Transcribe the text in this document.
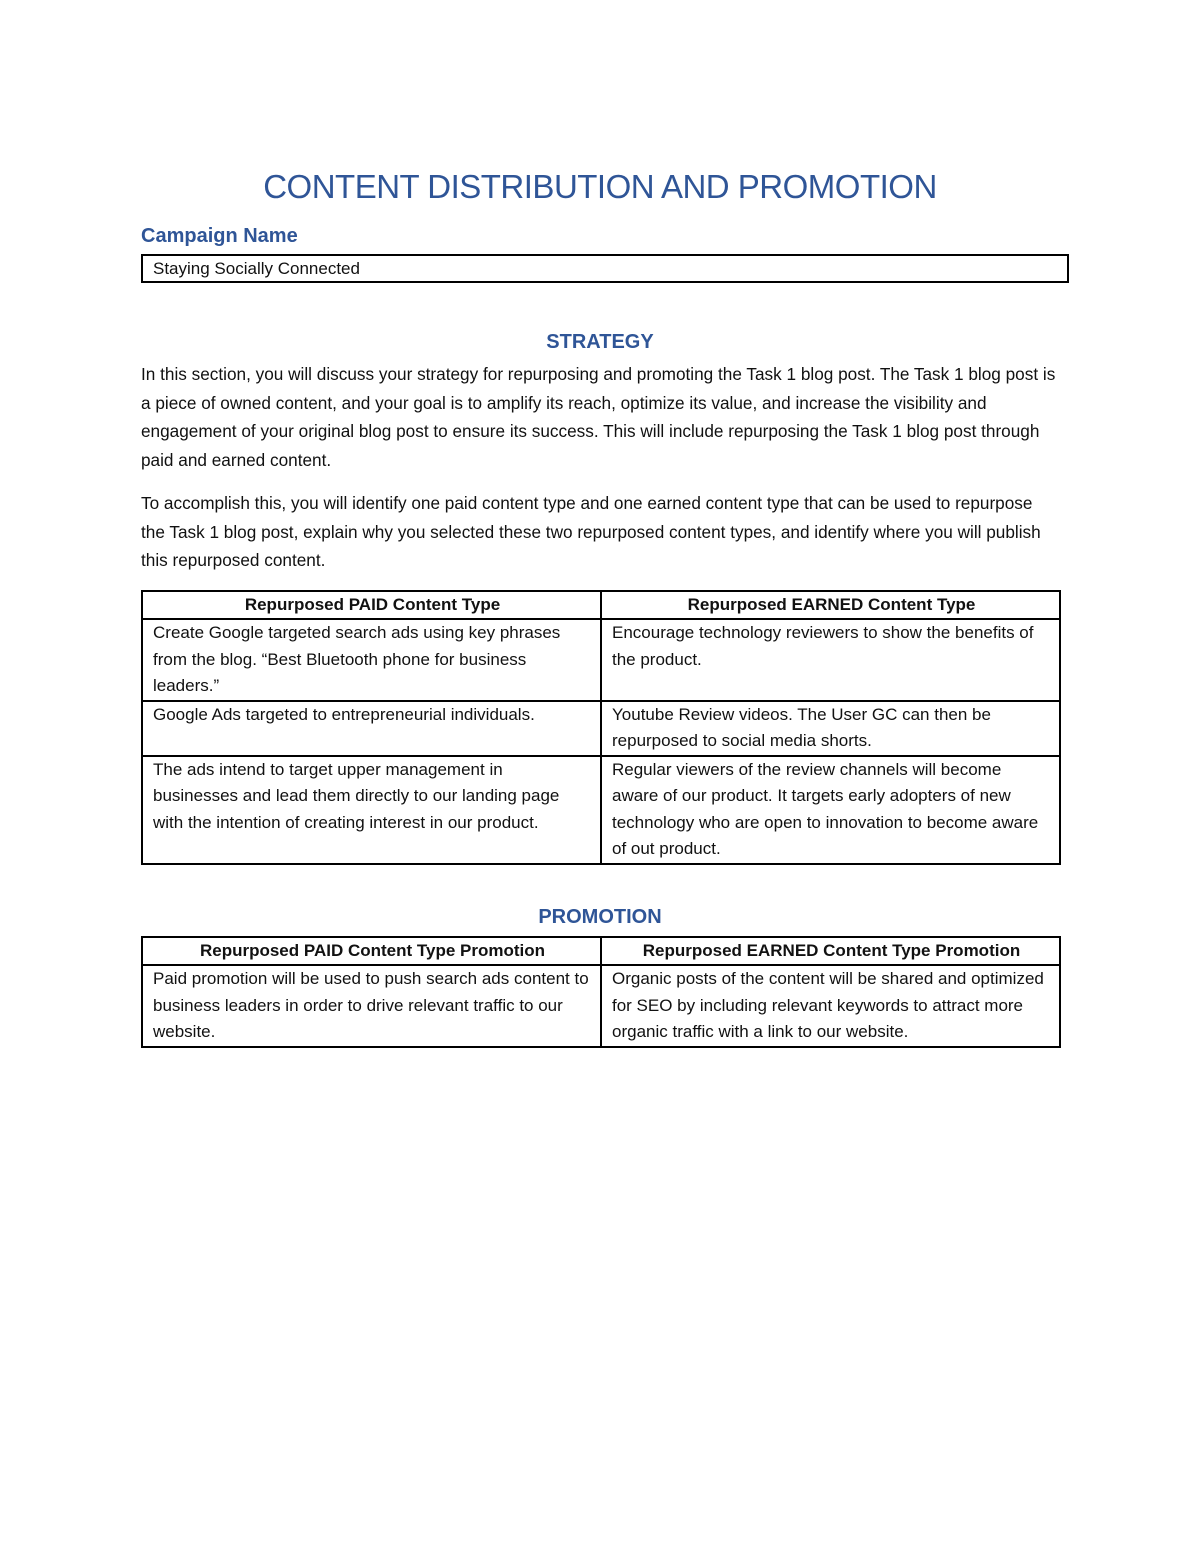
CONTENT DISTRIBUTION AND PROMOTION
Campaign Name
Staying Socially Connected
STRATEGY
In this section, you will discuss your strategy for repurposing and promoting the Task 1 blog post. The Task 1 blog post is a piece of owned content, and your goal is to amplify its reach, optimize its value, and increase the visibility and engagement of your original blog post to ensure its success. This will include repurposing the Task 1 blog post through paid and earned content.
To accomplish this, you will identify one paid content type and one earned content type that can be used to repurpose the Task 1 blog post, explain why you selected these two repurposed content types, and identify where you will publish this repurposed content.
Repurposed PAID Content Type	Repurposed EARNED Content Type
Create Google targeted search ads using key phrases from the blog. “Best Bluetooth phone for business leaders.”	Encourage technology reviewers to show the benefits of the product.
Google Ads targeted to entrepreneurial individuals.	Youtube Review videos. The User GC can then be repurposed to social media shorts.
The ads intend to target upper management in businesses and lead them directly to our landing page with the intention of creating interest in our product.	Regular viewers of the review channels will become aware of our product. It targets early adopters of new technology who are open to innovation to become aware of out product.
PROMOTION
Repurposed PAID Content Type Promotion	Repurposed EARNED Content Type Promotion
Paid promotion will be used to push search ads content to business leaders in order to drive relevant traffic to our website.	Organic posts of the content will be shared and optimized for SEO by including relevant keywords to attract more organic traffic with a link to our website.
